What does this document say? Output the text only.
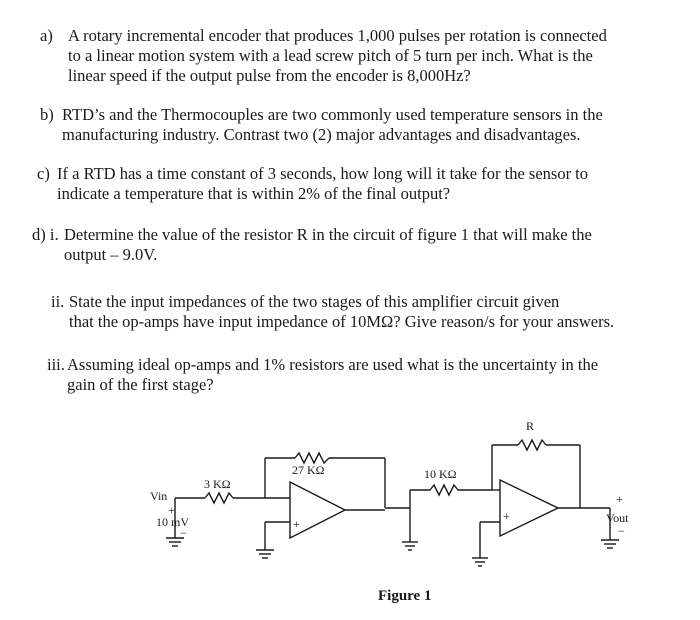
a) A rotary incremental encoder that produces 1,000 pulses per rotation is connected
to a linear motion system with a lead screw pitch of 5 turn per inch. What is the
linear speed if the output pulse from the encoder is 8,000Hz?
b) RTD’s and the Thermocouples are two commonly used temperature sensors in the
manufacturing industry. Contrast two (2) major advantages and disadvantages.
c) If a RTD has a time constant of 3 seconds, how long will it take for the sensor to
indicate a temperature that is within 2% of the final output?
d) i. Determine the value of the resistor R in the circuit of figure 1 that will make the
output – 9.0V.
ii. State the input impedances of the two stages of this amplifier circuit given
that the op-amps have input impedance of 10MΩ? Give reason/s for your answers.
iii. Assuming ideal op-amps and 1% resistors are used what is the uncertainty in the
gain of the first stage?
Vin
+
10 mV
−
3 KΩ
27 KΩ	10 KΩ
R
+
+
+
Vout
−
Figure 1
